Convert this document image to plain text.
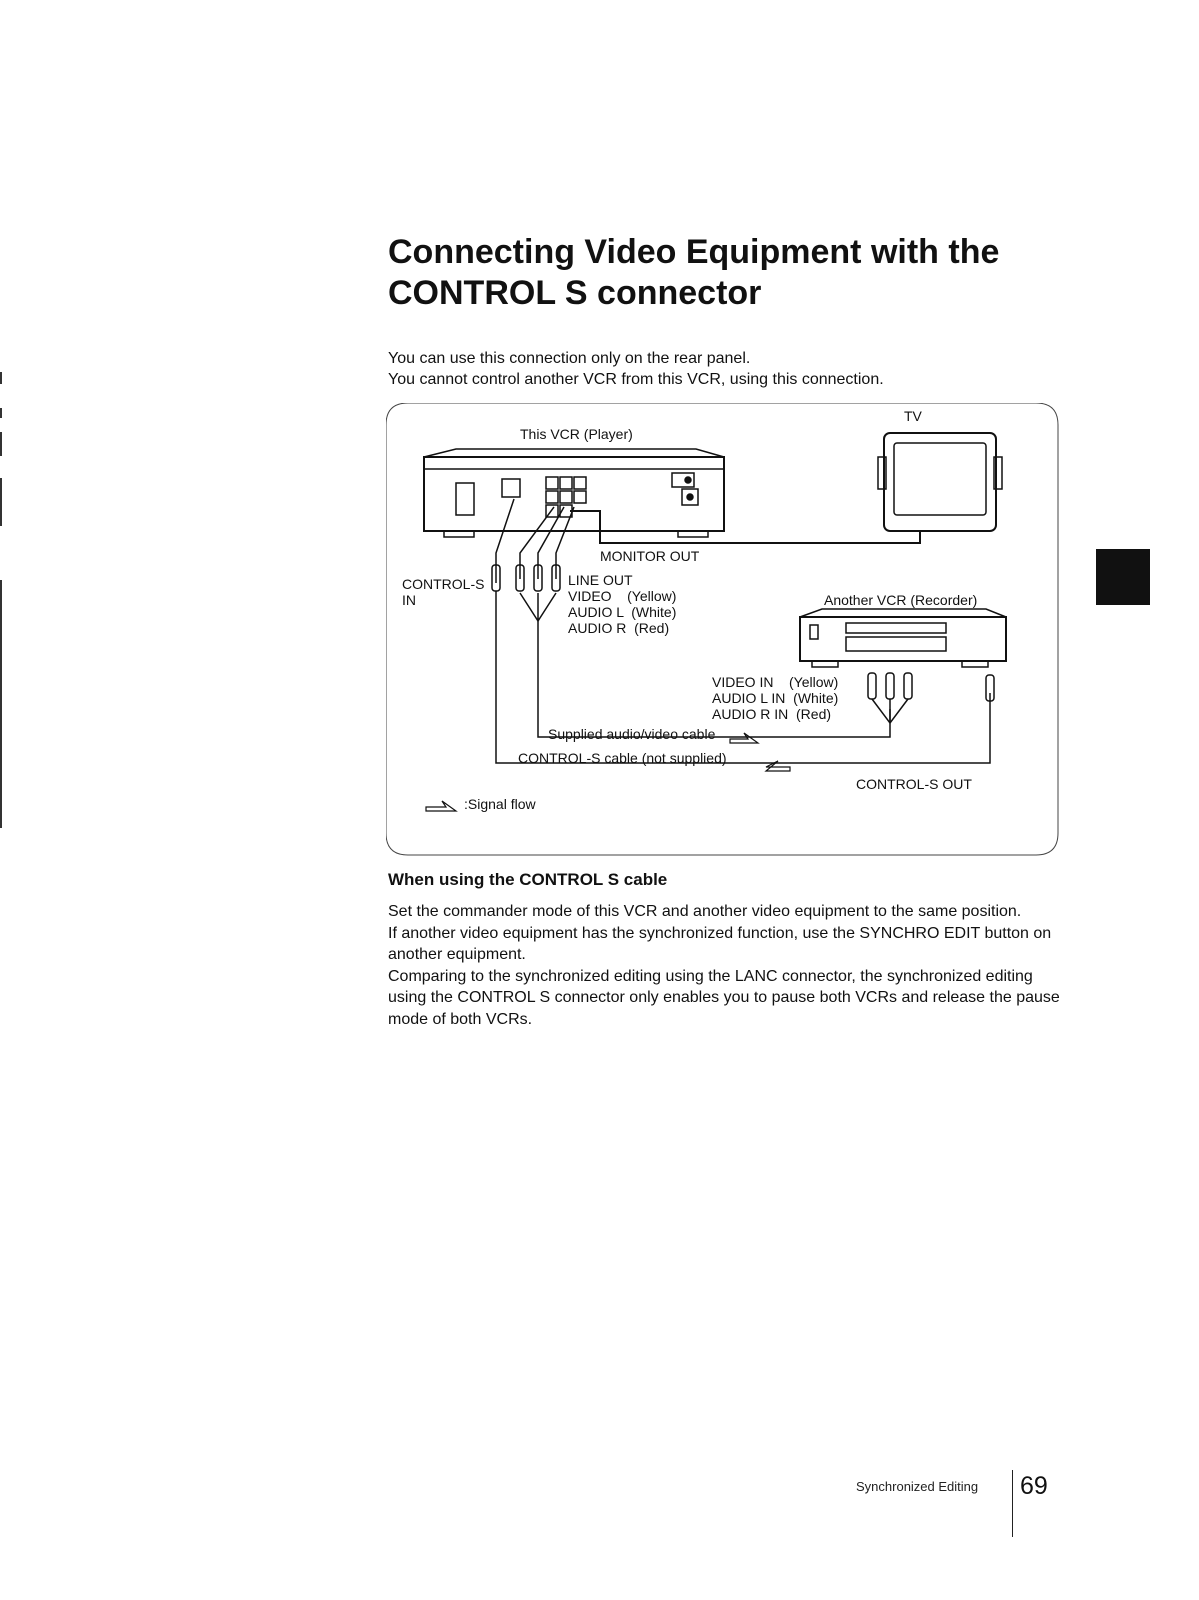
Connecting Video Equipment with the
CONTROL S connector
You can use this connection only on the rear panel.
You cannot control another VCR from this VCR, using this connection.
TV
This VCR (Player)
MONITOR OUT
CONTROL-S
IN
LINE OUT
VIDEO    (Yellow)
AUDIO L  (White)
AUDIO R  (Red)
Another VCR (Recorder)
VIDEO IN    (Yellow)
AUDIO L IN  (White)
AUDIO R IN  (Red)
Supplied audio/video cable
CONTROL-S cable (not supplied)
CONTROL-S OUT
:Signal flow
When using the CONTROL S cable

Set the commander mode of this VCR and another video equipment to the same position.

If another video equipment has the synchronized function, use the SYNCHRO EDIT button on another equipment.

Comparing to the synchronized editing using the LANC connector, the synchronized editing using the CONTROL S connector only enables you to pause both VCRs and release the pause mode of both VCRs.

Synchronized Editing 69
